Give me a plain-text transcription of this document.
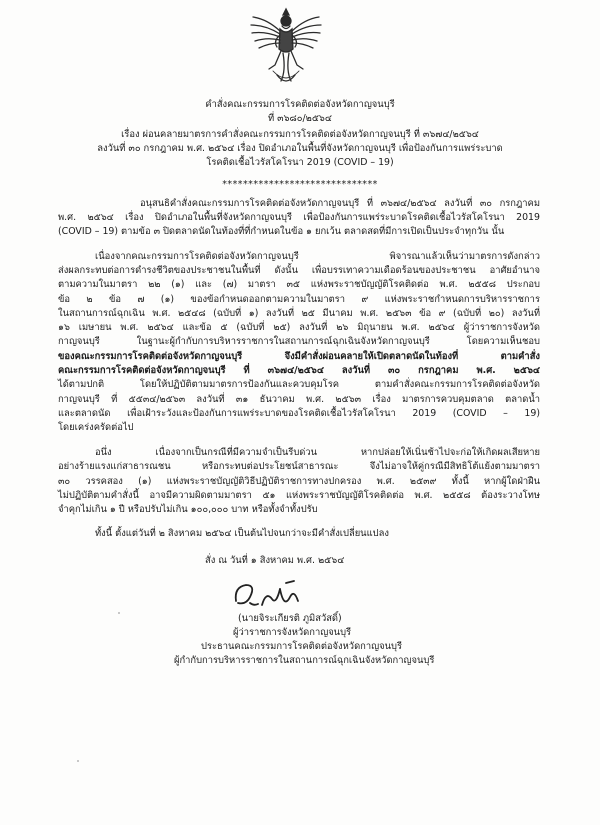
คำสั่งคณะกรรมการโรคติดต่อจังหวัดกาญจนบุรี
ที่ ๓๖๘๐/๒๕๖๔
เรื่อง ผ่อนคลายมาตรการคำสั่งคณะกรรมการโรคติดต่อจังหวัดกาญจนบุรี ที่ ๓๖๗๔/๒๕๖๔
ลงวันที่ ๓๐ กรกฎาคม พ.ศ. ๒๕๖๔ เรื่อง ปิดอำเภอในพื้นที่จังหวัดกาญจนบุรี เพื่อป้องกันการแพร่ระบาด
โรคติดเชื้อไวรัสโคโรนา 2019 (COVID – 19)
******************************
อนุสนธิคำสั่งคณะกรรมการโรคติดต่อจังหวัดกาญจนบุรี ที่ ๓๖๗๔/๒๕๖๔ ลงวันที่ ๓๐ กรกฎาคม
พ.ศ. ๒๕๖๔ เรื่อง ปิดอำเภอในพื้นที่จังหวัดกาญจนบุรี เพื่อป้องกันการแพร่ระบาดโรคติดเชื้อไวรัสโคโรนา 2019
(COVID – 19) ตามข้อ ๓ ปิดตลาดนัดในท้องที่ที่กำหนดในข้อ ๑ ยกเว้น ตลาดสดที่มีการเปิดเป็นประจำทุกวัน นั้น
เนื่องจากคณะกรรมการโรคติดต่อจังหวัดกาญจนบุรี พิจารณาแล้วเห็นว่ามาตรการดังกล่าว
ส่งผลกระทบต่อการดำรงชีวิตของประชาชนในพื้นที่ ดังนั้น เพื่อบรรเทาความเดือดร้อนของประชาชน อาศัยอำนาจ
ตามความในมาตรา ๒๒ (๑) และ (๗) มาตรา ๓๕ แห่งพระราชบัญญัติโรคติดต่อ พ.ศ. ๒๕๕๘ ประกอบ
ข้อ ๒ ข้อ ๗ (๑) ของข้อกำหนดออกตามความในมาตรา ๙ แห่งพระราชกำหนดการบริหารราชการ
ในสถานการณ์ฉุกเฉิน พ.ศ. ๒๕๔๘ (ฉบับที่ ๑) ลงวันที่ ๒๕ มีนาคม พ.ศ. ๒๕๖๓ ข้อ ๙ (ฉบับที่ ๒๐) ลงวันที่
๑๖ เมษายน พ.ศ. ๒๕๖๔ และข้อ ๕ (ฉบับที่ ๒๕) ลงวันที่ ๒๖ มิถุนายน พ.ศ. ๒๕๖๔ ผู้ว่าราชการจังหวัด
กาญจนบุรี ในฐานะผู้กำกับการบริหารราชการในสถานการณ์ฉุกเฉินจังหวัดกาญจนบุรี โดยความเห็นชอบ
ของคณะกรรมการโรคติดต่อจังหวัดกาญจนบุรี จึงมีคำสั่งผ่อนคลายให้เปิดตลาดนัดในท้องที่ ตามคำสั่ง
คณะกรรมการโรคติดต่อจังหวัดกาญจนบุรี ที่ ๓๖๗๔/๒๕๖๔ ลงวันที่ ๓๐ กรกฎาคม พ.ศ. ๒๕๖๔
ได้ตามปกติ โดยให้ปฏิบัติตามมาตรการป้องกันและควบคุมโรค ตามคำสั่งคณะกรรมการโรคติดต่อจังหวัด
กาญจนบุรี ที่ ๕๕๓๔/๒๕๖๓ ลงวันที่ ๓๑ ธันวาคม พ.ศ. ๒๕๖๓ เรื่อง มาตรการควบคุมตลาด ตลาดน้ำ
และตลาดนัด เพื่อเฝ้าระวังและป้องกันการแพร่ระบาดของโรคติดเชื้อไวรัสโคโรนา 2019 (COVID – 19)
โดยเคร่งครัดต่อไป
อนึ่ง เนื่องจากเป็นกรณีที่มีความจำเป็นรีบด่วน หากปล่อยให้เนิ่นช้าไปจะก่อให้เกิดผลเสียหาย
อย่างร้ายแรงแก่สาธารณชน หรือกระทบต่อประโยชน์สาธารณะ จึงไม่อาจให้คู่กรณีมีสิทธิโต้แย้งตามมาตรา
๓๐ วรรคสอง (๑) แห่งพระราชบัญญัติวิธีปฏิบัติราชการทางปกครอง พ.ศ. ๒๕๓๙ ทั้งนี้ หากผู้ใดฝ่าฝืน
ไม่ปฏิบัติตามคำสั่งนี้ อาจมีความผิดตามมาตรา ๕๑ แห่งพระราชบัญญัติโรคติดต่อ พ.ศ. ๒๕๕๘ ต้องระวางโทษ
จำคุกไม่เกิน ๑ ปี หรือปรับไม่เกิน ๑๐๐,๐๐๐ บาท หรือทั้งจำทั้งปรับ
ทั้งนี้ ตั้งแต่วันที่ ๒ สิงหาคม ๒๕๖๔ เป็นต้นไปจนกว่าจะมีคำสั่งเปลี่ยนแปลง
สั่ง ณ วันที่ ๑ สิงหาคม พ.ศ. ๒๕๖๔
(นายจิระเกียรติ ภูมิสวัสดิ์)
ผู้ว่าราชการจังหวัดกาญจนบุรี
ประธานคณะกรรมการโรคติดต่อจังหวัดกาญจนบุรี
ผู้กำกับการบริหารราชการในสถานการณ์ฉุกเฉินจังหวัดกาญจนบุรี
